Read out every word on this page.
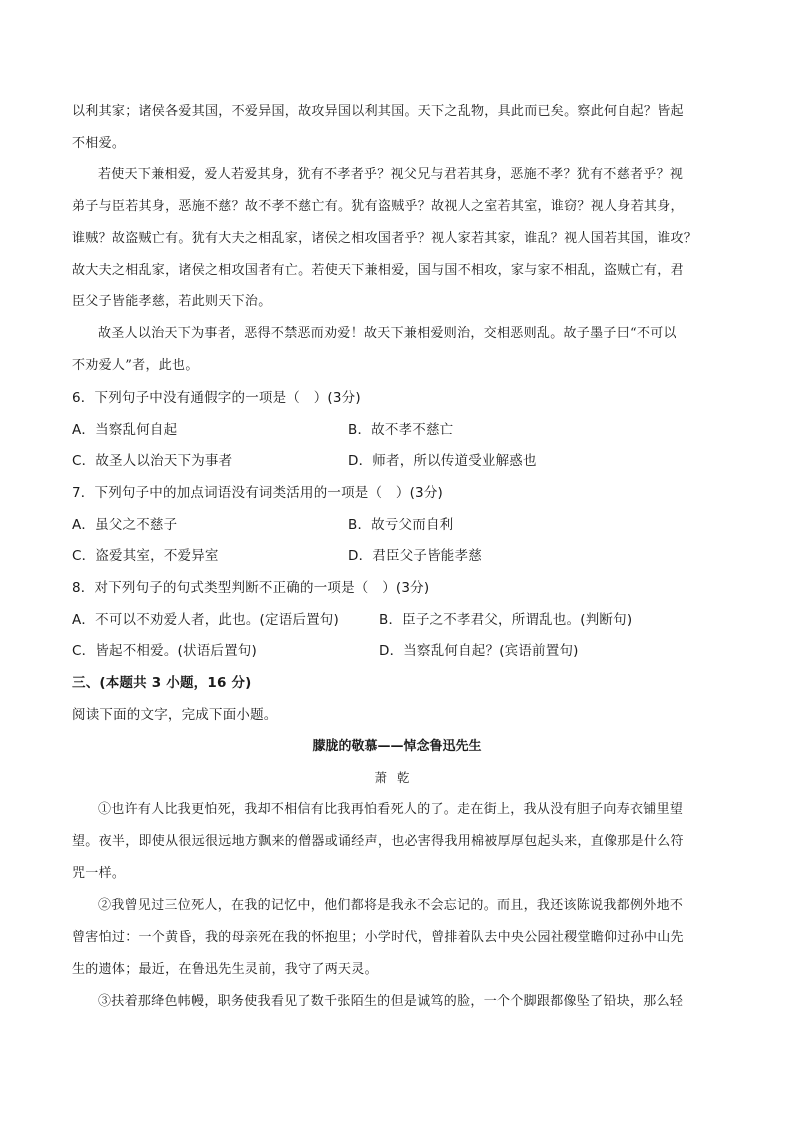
以利其家；诸侯各爱其国，不爱异国，故攻异国以利其国。天下之乱物，具此而已矣。察此何自起？皆起
不相爱。
若使天下兼相爱，爱人若爱其身，犹有不孝者乎？视父兄与君若其身，恶施不孝？犹有不慈者乎？视
弟子与臣若其身，恶施不慈？故不孝不慈亡有。犹有盗贼乎？故视人之室若其室，谁窃？视人身若其身，
谁贼？故盗贼亡有。犹有大夫之相乱家，诸侯之相攻国者乎？视人家若其家，谁乱？视人国若其国，谁攻？
故大夫之相乱家，诸侯之相攻国者有亡。若使天下兼相爱，国与国不相攻，家与家不相乱，盗贼亡有，君
臣父子皆能孝慈，若此则天下治。
故圣人以治天下为事者，恶得不禁恶而劝爱！故天下兼相爱则治，交相恶则乱。故子墨子曰“不可以
不劝爱人”者，此也。
6．下列句子中没有通假字的一项是（　）(3分)
A．当察乱何自起	B．故不孝不慈亡
C．故圣人以治天下为事者	D．师者，所以传道受业解惑也
7．下列句子中的加点词语没有词类活用的一项是（　）(3分)
A．虽父之不慈子	B．故亏父而自利
C．盗爱其室，不爱异室	D．君臣父子皆能孝慈
8．对下列句子的句式类型判断不正确的一项是（　）(3分)
A．不可以不劝爱人者，此也。(定语后置句)	B．臣子之不孝君父，所谓乱也。(判断句)
C．皆起不相爱。(状语后置句)	D．当察乱何自起？(宾语前置句)
三、(本题共 3 小题，16 分)
阅读下面的文字，完成下面小题。
朦胧的敬慕——悼念鲁迅先生
萧乾
①也许有人比我更怕死，我却不相信有比我再怕看死人的了。走在街上，我从没有胆子向寿衣铺里望
望。夜半，即使从很远很远地方飘来的僧器或诵经声，也必害得我用棉被厚厚包起头来，直像那是什么符
咒一样。
②我曾见过三位死人，在我的记忆中，他们都将是我永不会忘记的。而且，我还该陈说我都例外地不
曾害怕过：一个黄昏，我的母亲死在我的怀抱里；小学时代，曾排着队去中央公园社稷堂瞻仰过孙中山先
生的遗体；最近，在鲁迅先生灵前，我守了两天灵。
③扶着那绛色帏幔，职务使我看见了数千张陌生的但是诚笃的脸，一个个脚跟都像坠了铅块，那么轻
